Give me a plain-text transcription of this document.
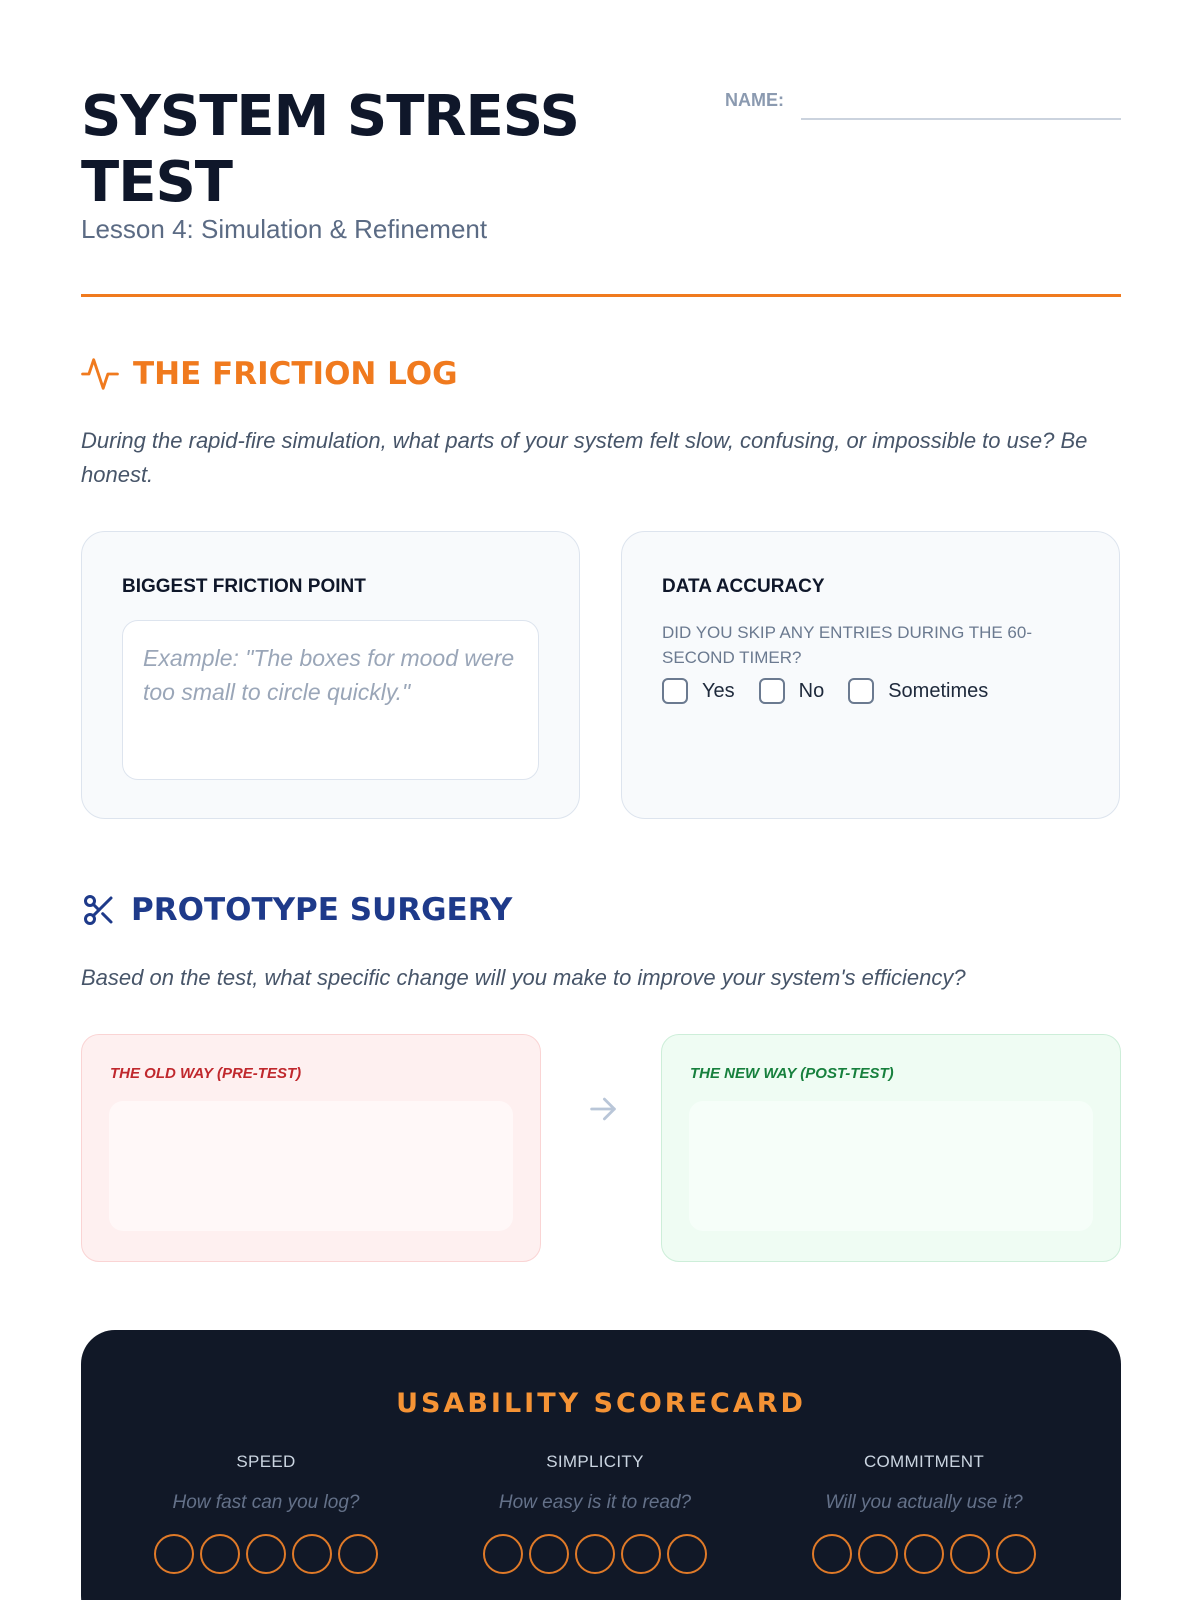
SYSTEM STRESS TEST
Lesson 4: Simulation & Refinement
NAME:
THE FRICTION LOG

During the rapid-fire simulation, what parts of your system felt slow, confusing, or impossible to use? Be honest.

BIGGEST FRICTION POINT
Example: "The boxes for mood were too small to circle quickly."
DATA ACCURACY
DID YOU SKIP ANY ENTRIES DURING THE 60-SECOND TIMER?
Yes	No	Sometimes
PROTOTYPE SURGERY

Based on the test, what specific change will you make to improve your system's efficiency?

THE OLD WAY (PRE-TEST)	THE NEW WAY (POST-TEST)
USABILITY SCORECARD
SPEED
How fast can you log?
SIMPLICITY
How easy is it to read?
COMMITMENT
Will you actually use it?
